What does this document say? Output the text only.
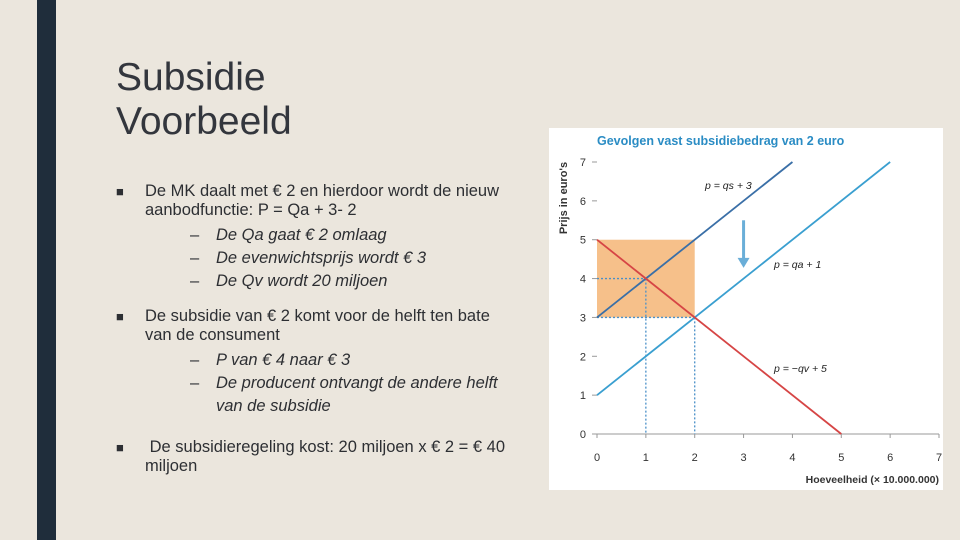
Subsidie
Voorbeeld
■ De MK daalt met € 2 en hierdoor wordt de nieuw aanbodfunctie: P = Qa + 3- 2
– De Qa gaat € 2 omlaag
– De evenwichtsprijs wordt € 3
– De Qv wordt 20 miljoen
■ De subsidie van € 2 komt voor de helft ten bate van de consument
– P van € 4 naar € 3
– De producent ontvangt de andere helft van de subsidie
■ De subsidieregeling kost: 20 miljoen x € 2 = € 40 miljoen
Gevolgen vast subsidiebedrag van 2 euro
0
1
2
3
4
5
6
7
0	1	2	3	4	5	6	7
p = qs + 3
p = qa + 1
p = −qv + 5
Prijs in euro's
Hoeveelheid (× 10.000.000)
